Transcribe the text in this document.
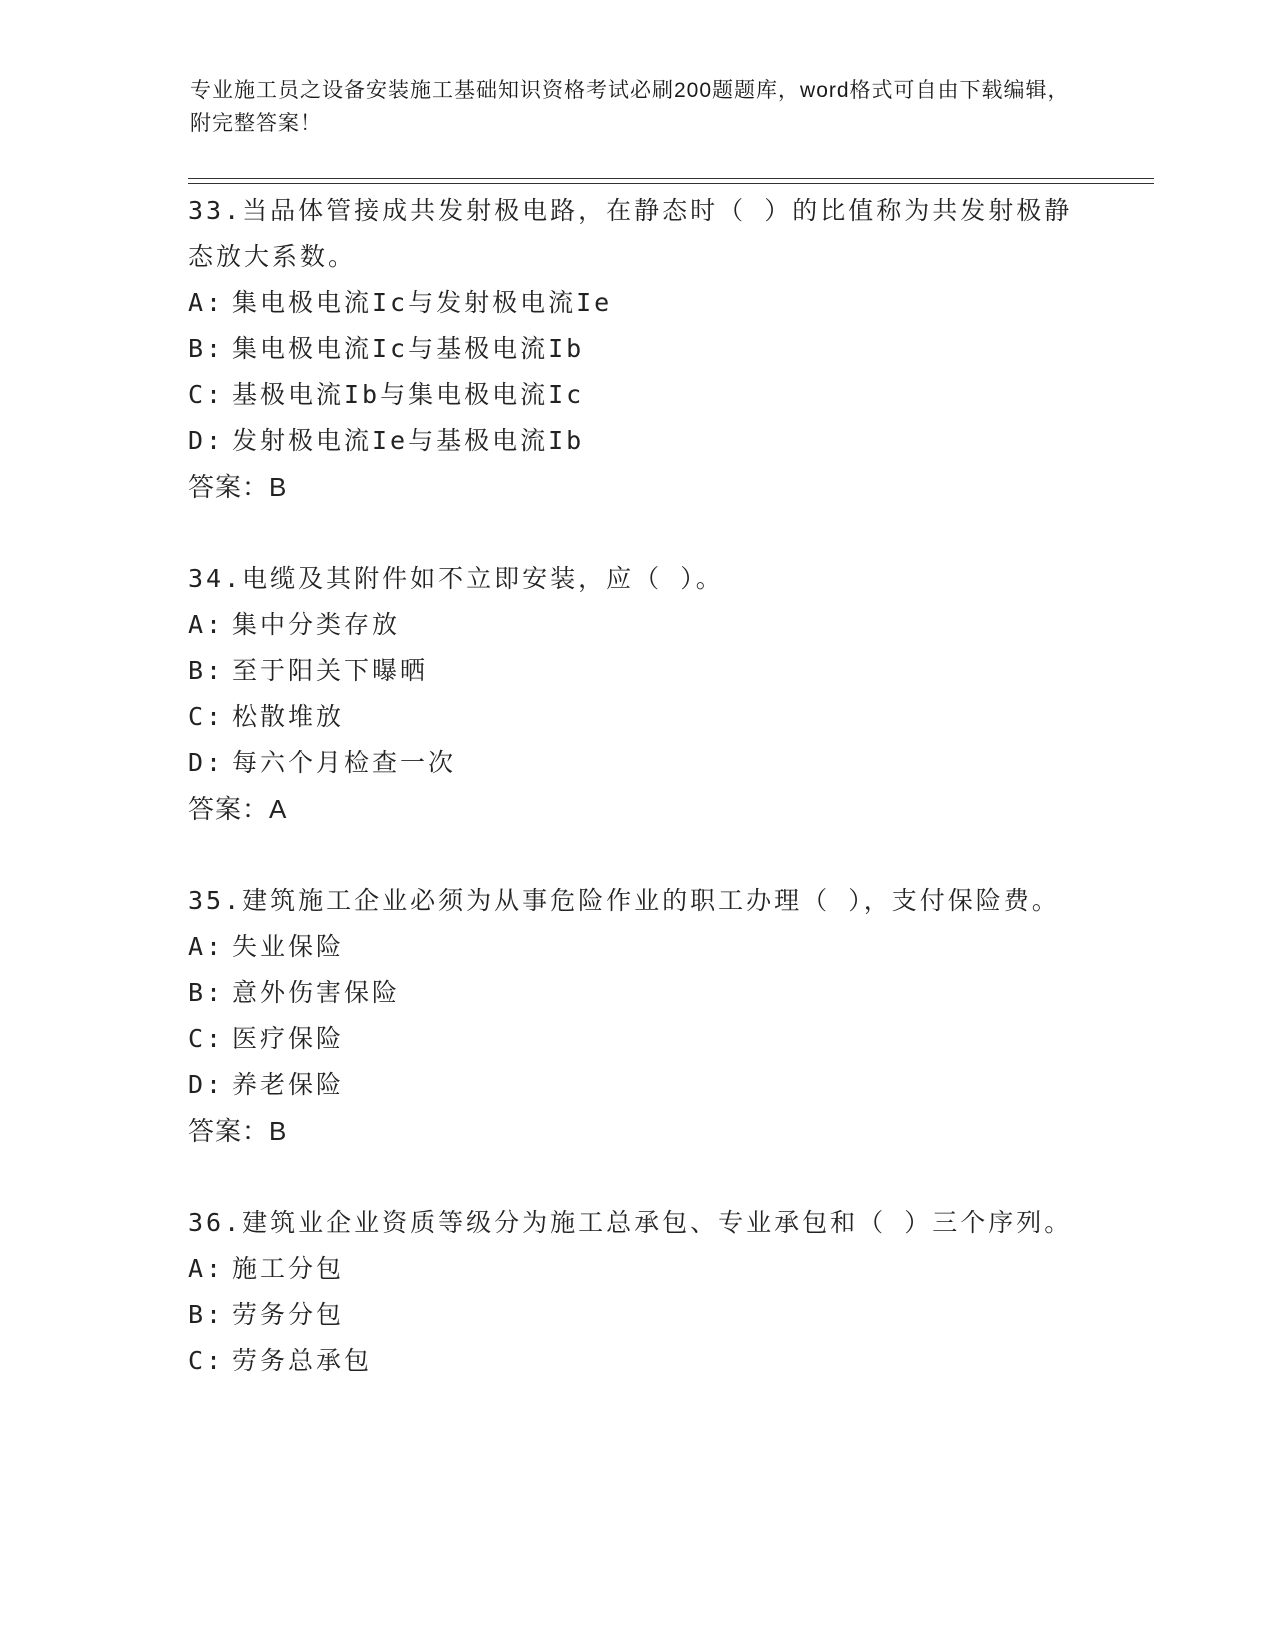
专业施工员之设备安装施工基础知识资格考试必刷200题题库，word格式可自由下载编辑，附完整答案！

33.当品体管接成共发射极电路，在静态时（ ）的比值称为共发射极静态放大系数。

A: 集电极电流Ic与发射极电流Ie
B: 集电极电流Ic与基极电流Ib
C: 基极电流Ib与集电极电流Ic
D: 发射极电流Ie与基极电流Ib
答案：B

34.电缆及其附件如不立即安装，应（ ）。

A: 集中分类存放
B: 至于阳关下曝晒
C: 松散堆放
D: 每六个月检查一次
答案：A

35.建筑施工企业必须为从事危险作业的职工办理（ ），支付保险费。

A: 失业保险
B: 意外伤害保险
C: 医疗保险
D: 养老保险
答案：B

36.建筑业企业资质等级分为施工总承包、专业承包和（ ）三个序列。

A: 施工分包
B: 劳务分包
C: 劳务总承包
